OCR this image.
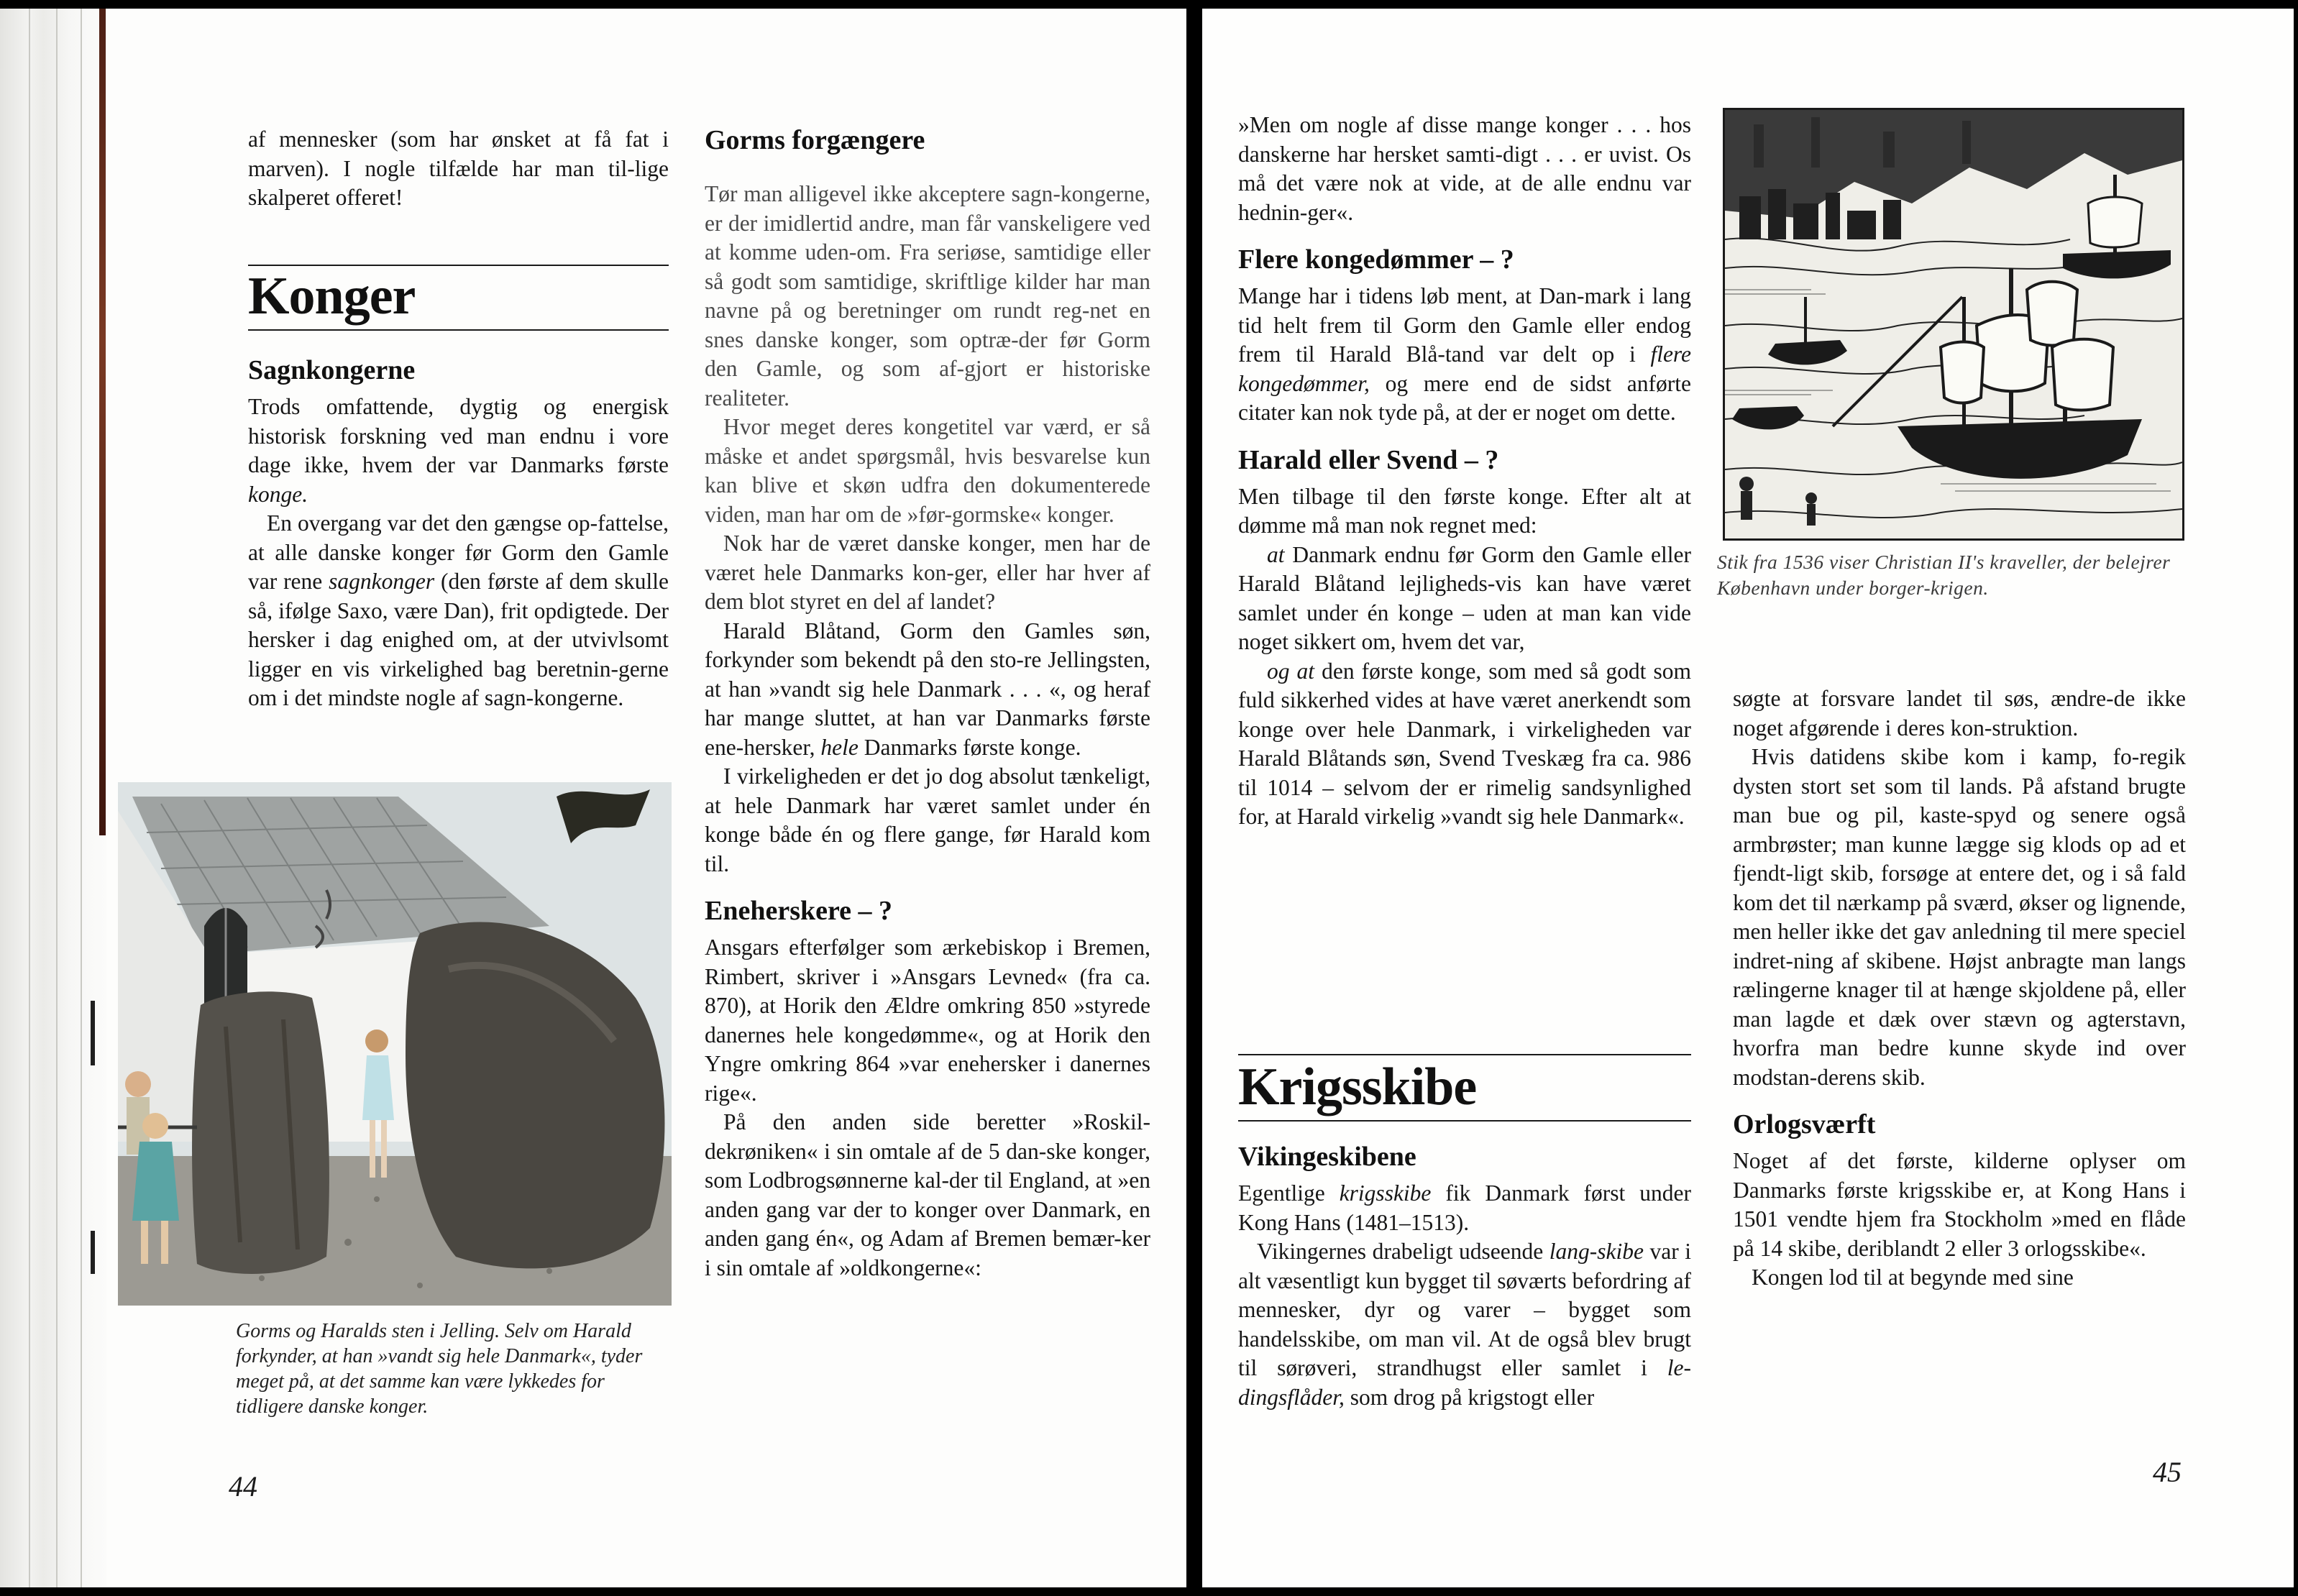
af mennesker (som har ønsket at få fat i marven). I nogle tilfælde har man til-lige skalperet offeret!

Konger
Sagnkongerne

Trods omfattende, dygtig og energisk historisk forskning ved man endnu i vore dage ikke, hvem der var Danmarks første konge.

En overgang var det den gængse op-fattelse, at alle danske konger før Gorm den Gamle var rene sagnkonger (den første af dem skulle så, ifølge Saxo, være Dan), frit opdigtede. Der hersker i dag enighed om, at der utvivlsomt ligger en vis virkelighed bag beretnin-gerne om i det mindste nogle af sagn-kongerne.

Gorms og Haralds sten i Jelling. Selv om Harald forkynder, at han »vandt sig hele Danmark«, tyder meget på, at det samme kan være lykkedes for tidligere danske konger.

Gorms forgængere

Tør man alligevel ikke akceptere sagn-kongerne, er der imidlertid andre, man får vanskeligere ved at komme uden-om. Fra seriøse, samtidige eller så godt som samtidige, skriftlige kilder har man navne på og beretninger om rundt reg-net en snes danske konger, som optræ-der før Gorm den Gamle, og som af-gjort er historiske realiteter.

Hvor meget deres kongetitel var værd, er så måske et andet spørgsmål, hvis besvarelse kun kan blive et skøn udfra den dokumenterede viden, man har om de »før-gormske« konger.

Nok har de været danske konger, men har de været hele Danmarks kon-ger, eller har hver af dem blot styret en del af landet?

Harald Blåtand, Gorm den Gamles søn, forkynder som bekendt på den sto-re Jellingsten, at han »vandt sig hele Danmark . . . «, og heraf har mange sluttet, at han var Danmarks første ene-hersker, hele Danmarks første konge.

I virkeligheden er det jo dog absolut tænkeligt, at hele Danmark har været samlet under én konge både én og flere gange, før Harald kom til.

Eneherskere – ?

Ansgars efterfølger som ærkebiskop i Bremen, Rimbert, skriver i »Ansgars Levned« (fra ca. 870), at Horik den Ældre omkring 850 »styrede danernes hele kongedømme«, og at Horik den Yngre omkring 864 »var enehersker i danernes rige«.

På den anden side beretter »Roskil-dekrøniken« i sin omtale af de 5 dan-ske konger, som Lodbrogsønnerne kal-der til England, at »en anden gang var der to konger over Danmark, en anden gang én«, og Adam af Bremen bemær-ker i sin omtale af »oldkongerne«:

44

»Men om nogle af disse mange konger . . . hos danskerne har hersket samti-digt . . . er uvist. Os må det være nok at vide, at de alle endnu var hednin-ger«.

Flere kongedømmer – ?

Mange har i tidens løb ment, at Dan-mark i lang tid helt frem til Gorm den Gamle eller endog frem til Harald Blå-tand var delt op i flere kongedømmer, og mere end de sidst anførte citater kan nok tyde på, at der er noget om dette.

Harald eller Svend – ?

Men tilbage til den første konge. Efter alt at dømme må man nok regnet med:

at Danmark endnu før Gorm den Gamle eller Harald Blåtand lejligheds-vis kan have været samlet under én konge – uden at man kan vide noget sikkert om, hvem det var,

og at den første konge, som med så godt som fuld sikkerhed vides at have været anerkendt som konge over hele Danmark, i virkeligheden var Harald Blåtands søn, Svend Tveskæg fra ca. 986 til 1014 – selvom der er rimelig sandsynlighed for, at Harald virkelig »vandt sig hele Danmark«.

Krigsskibe
Vikingeskibene

Egentlige krigsskibe fik Danmark først under Kong Hans (1481–1513).

Vikingernes drabeligt udseende lang-skibe var i alt væsentligt kun bygget til søværts befordring af mennesker, dyr og varer – bygget som handelsskibe, om man vil. At de også blev brugt til sørøveri, strandhugst eller samlet i le-dingsflåder, som drog på krigstogt eller

Stik fra 1536 viser Christian II's kraveller, der belejrer København under borger-krigen.

søgte at forsvare landet til søs, ændre-de ikke noget afgørende i deres kon-struktion.

Hvis datidens skibe kom i kamp, fo-regik dysten stort set som til lands. På afstand brugte man bue og pil, kaste-spyd og senere også armbrøster; man kunne lægge sig klods op ad et fjendt-ligt skib, forsøge at entere det, og i så fald kom det til nærkamp på sværd, økser og lignende, men heller ikke det gav anledning til mere speciel indret-ning af skibene. Højst anbragte man langs rælingerne knager til at hænge skjoldene på, eller man lagde et dæk over stævn og agterstavn, hvorfra man bedre kunne skyde ind over modstan-derens skib.

Orlogsværft

Noget af det første, kilderne oplyser om Danmarks første krigsskibe er, at Kong Hans i 1501 vendte hjem fra Stockholm »med en flåde på 14 skibe, deriblandt 2 eller 3 orlogsskibe«.

Kongen lod til at begynde med sine

45
